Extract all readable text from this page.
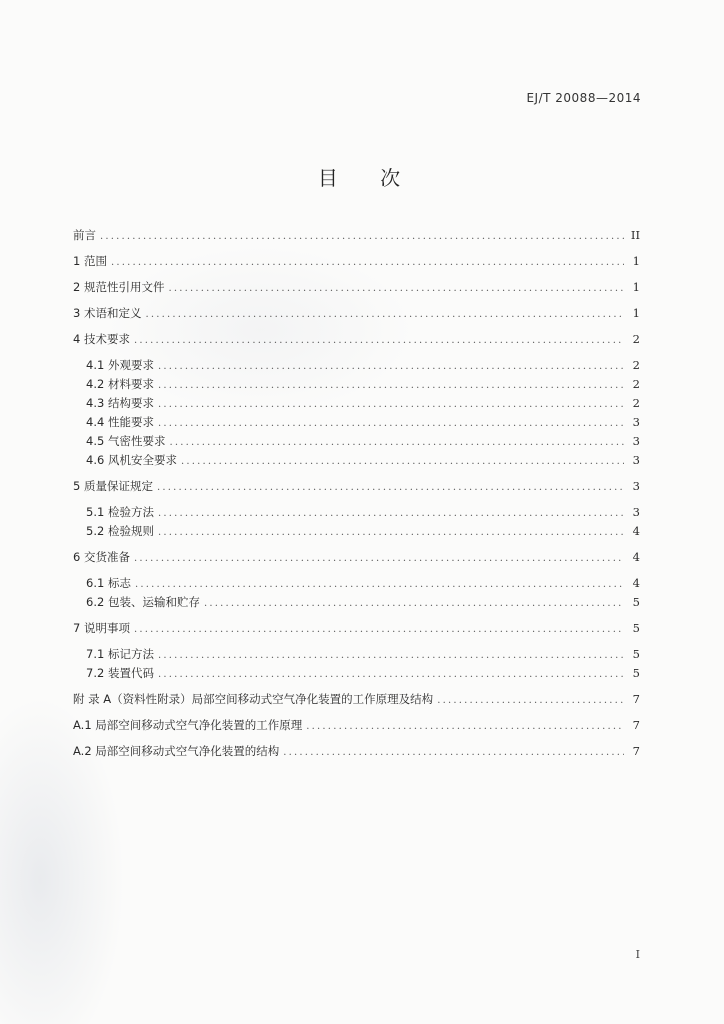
EJ/T 20088—2014
目 次
前言 .....	II
1 范围 .....	1
2 规范性引用文件 .....	1
3 术语和定义 .....	1
4 技术要求 .....	2
4.1 外观要求 .....	2
4.2 材料要求 .....	2
4.3 结构要求 .....	2
4.4 性能要求 .....	3
4.5 气密性要求 .....	3
4.6 风机安全要求 .....	3
5 质量保证规定 .....	3
5.1 检验方法 .....	3
5.2 检验规则 .....	4
6 交货准备 .....	4
6.1 标志 .....	4
6.2 包装、运输和贮存 .....	5
7 说明事项 .....	5
7.1 标记方法 .....	5
7.2 装置代码 .....	5
附 录 A（资料性附录）局部空间移动式空气净化装置的工作原理及结构 .....	7
A.1 局部空间移动式空气净化装置的工作原理 .....	7
A.2 局部空间移动式空气净化装置的结构 .....	7
I
